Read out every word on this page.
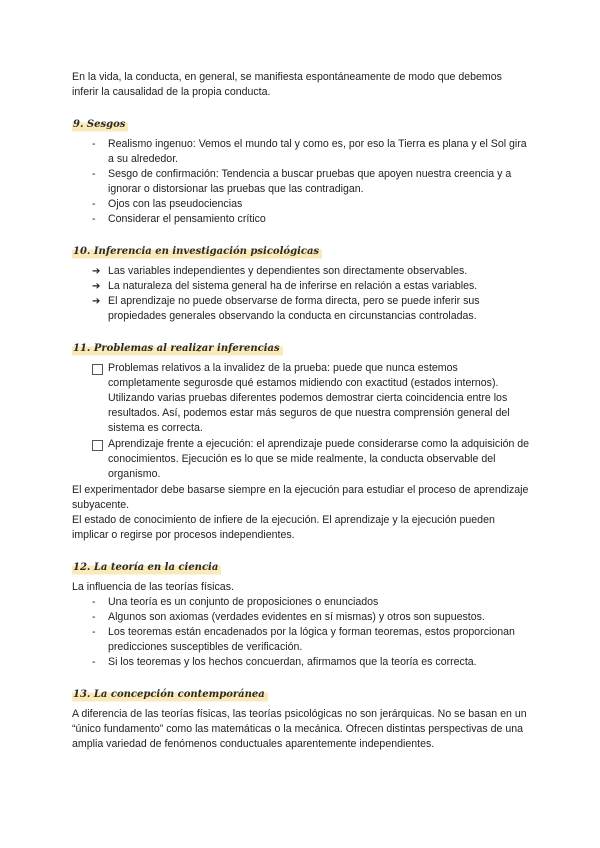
En la vida, la conducta, en general, se manifiesta espontáneamente de modo que debemos inferir la causalidad de la propia conducta.

9. Sesgos
- Realismo ingenuo: Vemos el mundo tal y como es, por eso la Tierra es plana y el Sol gira a su alrededor.
- Sesgo de confirmación: Tendencia a buscar pruebas que apoyen nuestra creencia y a ignorar o distorsionar las pruebas que las contradigan.
- Ojos con las pseudociencias
- Considerar el pensamiento crítico
10. Inferencia en investigación psicológicas
➔ Las variables independientes y dependientes son directamente observables.
➔ La naturaleza del sistema general ha de inferirse en relación a estas variables.
➔ El aprendizaje no puede observarse de forma directa, pero se puede inferir sus propiedades generales observando la conducta en circunstancias controladas.
11. Problemas al realizar inferencias
Problemas relativos a la invalidez de la prueba: puede que nunca estemos completamente segurosde qué estamos midiendo con exactitud (estados internos). Utilizando varias pruebas diferentes podemos demostrar cierta coincidencia entre los resultados. Así, podemos estar más seguros de que nuestra comprensión general del sistema es correcta.
Aprendizaje frente a ejecución: el aprendizaje puede considerarse como la adquisición de conocimientos. Ejecución es lo que se mide realmente, la conducta observable del organismo.

El experimentador debe basarse siempre en la ejecución para estudiar el proceso de aprendizaje subyacente.

El estado de conocimiento de infiere de la ejecución. El aprendizaje y la ejecución pueden implicar o regirse por procesos independientes.

12. La teoría en la ciencia

La influencia de las teorías físicas.

- Una teoría es un conjunto de proposiciones o enunciados
- Algunos son axiomas (verdades evidentes en sí mismas) y otros son supuestos.
- Los teoremas están encadenados por la lógica y forman teoremas, estos proporcionan predicciones susceptibles de verificación.
- Si los teoremas y los hechos concuerdan, afirmamos que la teoría es correcta.
13. La concepción contemporánea

A diferencia de las teorías físicas, las teorías psicológicas no son jerárquicas. No se basan en un “único fundamento” como las matemáticas o la mecánica. Ofrecen distintas perspectivas de una amplia variedad de fenómenos conductuales aparentemente independientes.
